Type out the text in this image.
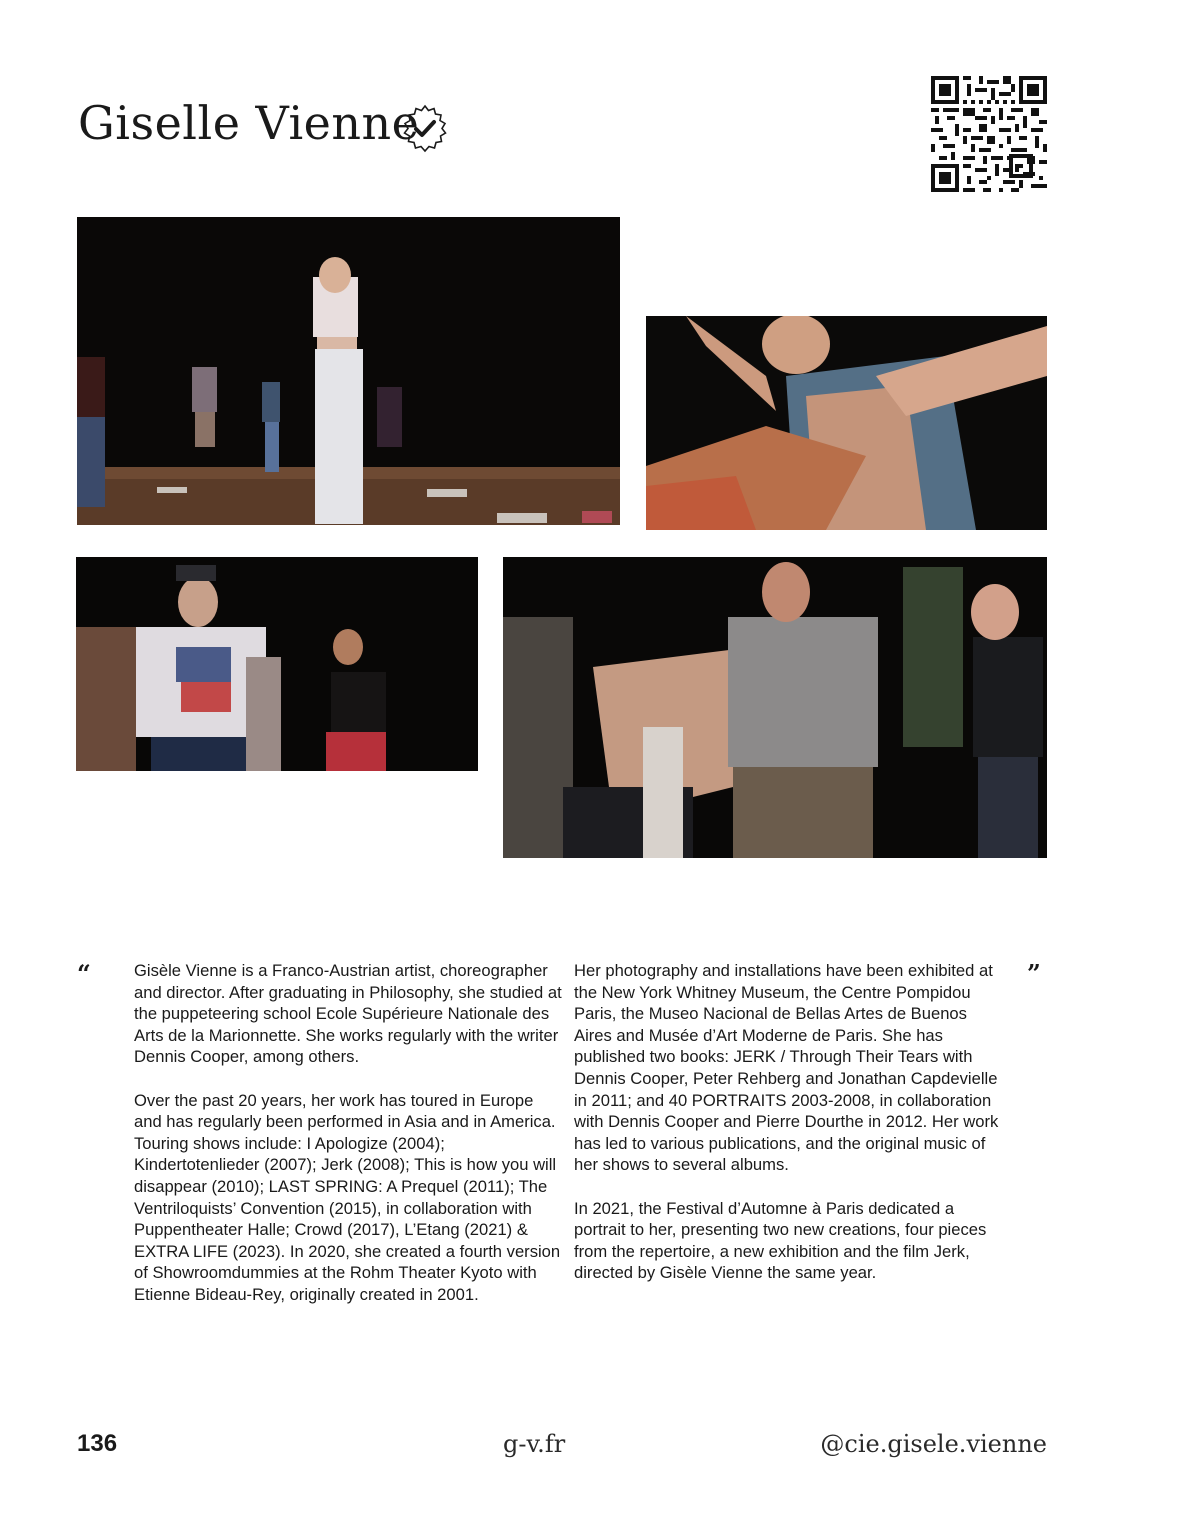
Giselle Vienne
“	”

Gisèle Vienne is a Franco-Austrian artist, choreographer and director. After graduating in Philosophy, she studied at the puppeteering school Ecole Supérieure Nationale des Arts de la Marionnette. She works regularly with the writer Dennis Cooper, among others.

Over the past 20 years, her work has toured in Europe and has regularly been performed in Asia and in America. Touring shows include: I Apologize (2004); Kindertotenlieder (2007); Jerk (2008); This is how you will disappear (2010); LAST SPRING: A Prequel (2011); The Ventriloquists’ Convention (2015), in collaboration with Puppentheater Halle; Crowd (2017), L’Etang (2021) & EXTRA LIFE (2023). In 2020, she created a fourth version of Showroomdummies at the Rohm Theater Kyoto with Etienne Bideau-Rey, originally created in 2001.

Her photography and installations have been exhibited at the New York Whitney Museum, the Centre Pompidou Paris, the Museo Nacional de Bellas Artes de Buenos Aires and Musée d’Art Moderne de Paris. She has published two books: JERK / Through Their Tears with Dennis Cooper, Peter Rehberg and Jonathan Capdevielle in 2011; and 40 PORTRAITS 2003-2008, in collaboration with Dennis Cooper and Pierre Dourthe in 2012. Her work has led to various publications, and the original music of her shows to several albums.

In 2021, the Festival d’Automne à Paris dedicated a portrait to her, presenting two new creations, four pieces from the repertoire, a new exhibition and the film Jerk, directed by Gisèle Vienne the same year.

136	g-v.fr	@cie.gisele.vienne
